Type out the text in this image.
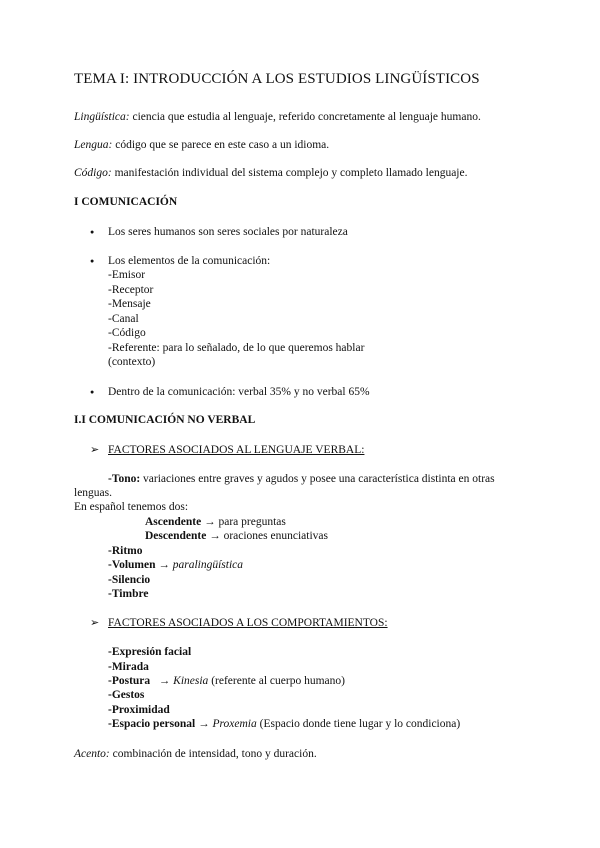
TEMA I: INTRODUCCIÓN A LOS ESTUDIOS LINGÜÍSTICOS
Lingüística: ciencia que estudia al lenguaje, referido concretamente al lenguaje humano.
Lengua: código que se parece en este caso a un idioma.
Código: manifestación individual del sistema complejo y completo llamado lenguaje.
I COMUNICACIÓN
● Los seres humanos son seres sociales por naturaleza
● Los elementos de la comunicación:
-Emisor
-Receptor
-Mensaje
-Canal
-Código
-Referente: para lo señalado, de lo que queremos hablar
(contexto)
● Dentro de la comunicación: verbal 35% y no verbal 65%
I.I COMUNICACIÓN NO VERBAL
➢ FACTORES ASOCIADOS AL LENGUAJE VERBAL:
-Tono: variaciones entre graves y agudos y posee una característica distinta en otras
lenguas.
En español tenemos dos:
Ascendente → para preguntas
Descendente → oraciones enunciativas
-Ritmo
-Volumen → paralingüística
-Silencio
-Timbre
➢ FACTORES ASOCIADOS A LOS COMPORTAMIENTOS:
-Expresión facial
-Mirada
-Postura   → Kinesia (referente al cuerpo humano)
-Gestos
-Proximidad
-Espacio personal → Proxemia (Espacio donde tiene lugar y lo condiciona)
Acento: combinación de intensidad, tono y duración.
